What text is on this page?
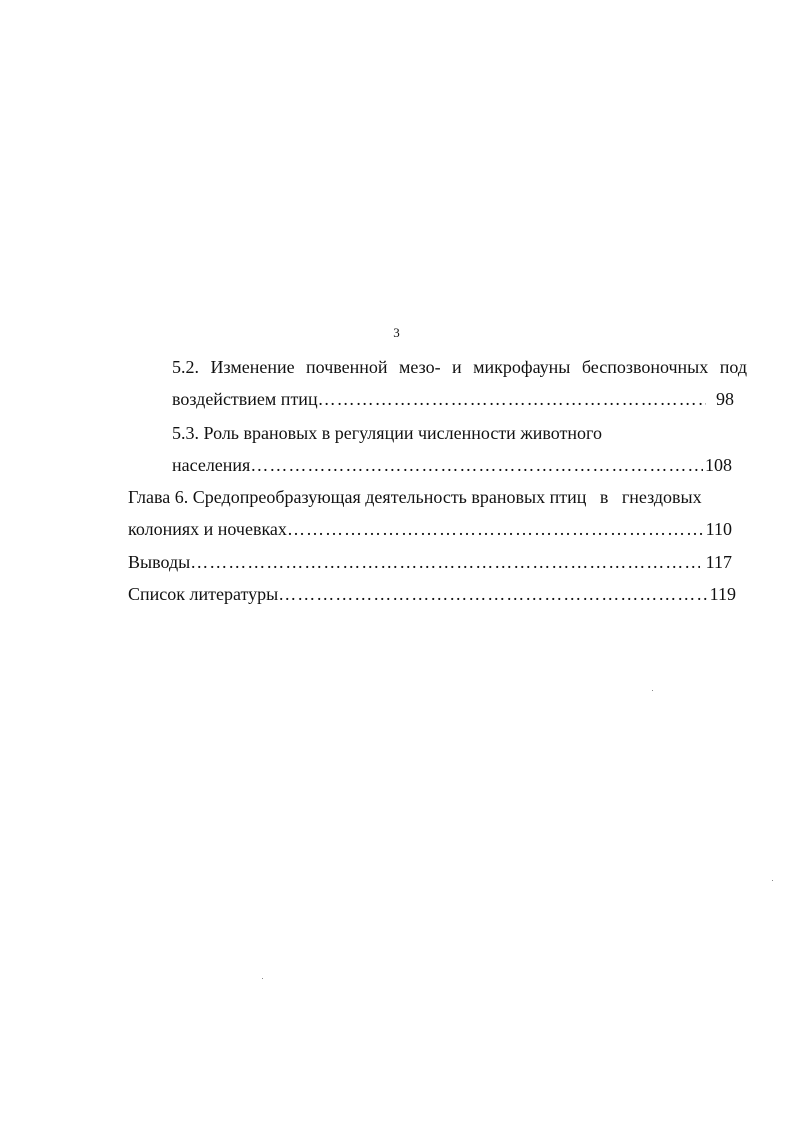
3
5.2. Изменение почвенной мезо- и микрофауны беспозвоночных под
воздействием птиц ……………………………………………………………………………………………………………………………………	98
5.3. Роль врановых в регуляции численности животного
населения ……………………………………………………………………………………………………………………………………	108
Глава 6. Средопреобразующая деятельность врановых птиц   в   гнездовых
колониях и ночевках ……………………………………………………………………………………………………………………………………	110
Выводы ……………………………………………………………………………………………………………………………………	117
Список литературы ……………………………………………………………………………………………………………………………………	119
